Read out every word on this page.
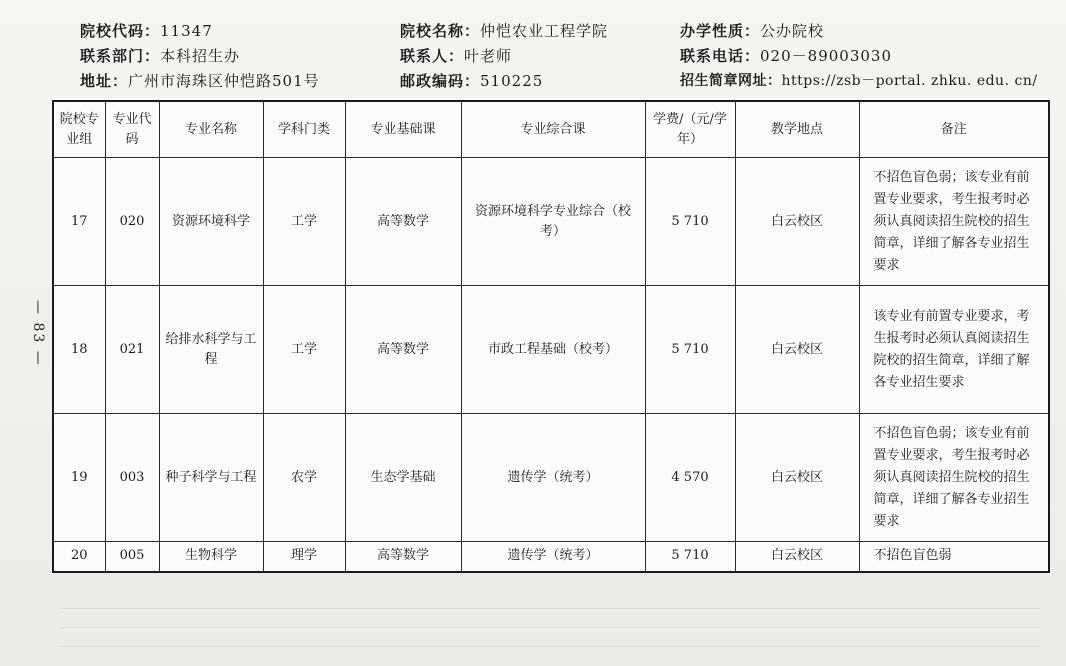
院校代码：11347	院校名称：仲恺农业工程学院	办学性质：公办院校
联系部门：本科招生办	联系人：叶老师	联系电话：020－89003030
地址：广州市海珠区仲恺路501号	邮政编码：510225	招生简章网址：https://zsb－portal. zhku. edu. cn/
— 83 —
院校专业组	专业代码	专业名称	学科门类	专业基础课	专业综合课	学费/（元/学年）	教学地点	备注
17	020	资源环境科学	工学	高等数学	资源环境科学专业综合（校考）	5 710	白云校区	不招色盲色弱；该专业有前置专业要求，考生报考时必须认真阅读招生院校的招生简章，详细了解各专业招生要求
18	021	给排水科学与工程	工学	高等数学	市政工程基础（校考）	5 710	白云校区	该专业有前置专业要求，考生报考时必须认真阅读招生院校的招生简章，详细了解各专业招生要求
19	003	种子科学与工程	农学	生态学基础	遗传学（统考）	4 570	白云校区	不招色盲色弱；该专业有前置专业要求，考生报考时必须认真阅读招生院校的招生简章，详细了解各专业招生要求
20	005	生物科学	理学	高等数学	遗传学（统考）	5 710	白云校区	不招色盲色弱
